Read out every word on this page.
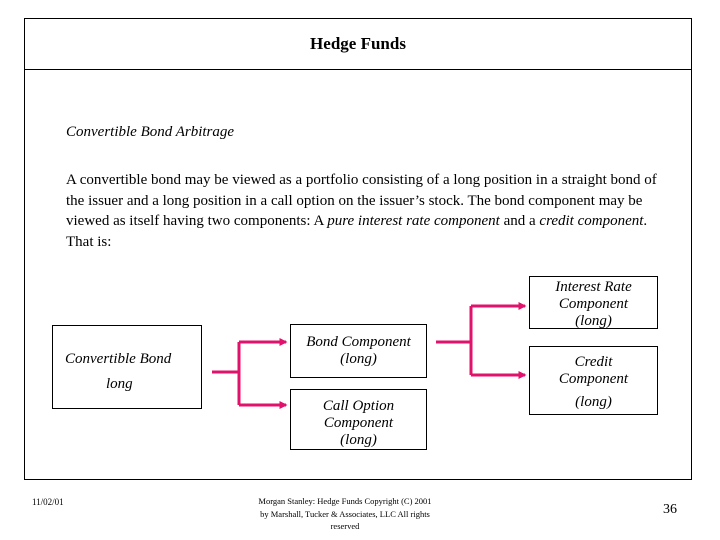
Hedge Funds
Convertible Bond Arbitrage
A convertible bond may be viewed as a portfolio consisting of a long position in a straight bond of the issuer and a long position in a call option on the issuer’s stock. The bond component may be viewed as itself having two components: A pure interest rate component and a credit component. That is:
Convertible Bond
long
Bond Component
(long)
Call Option
Component
(long)
Interest Rate
Component
(long)
Credit
Component
(long)
11/02/01	Morgan Stanley: Hedge Funds Copyright (C) 2001
by Marshall, Tucker & Associates, LLC All rights
reserved
36
